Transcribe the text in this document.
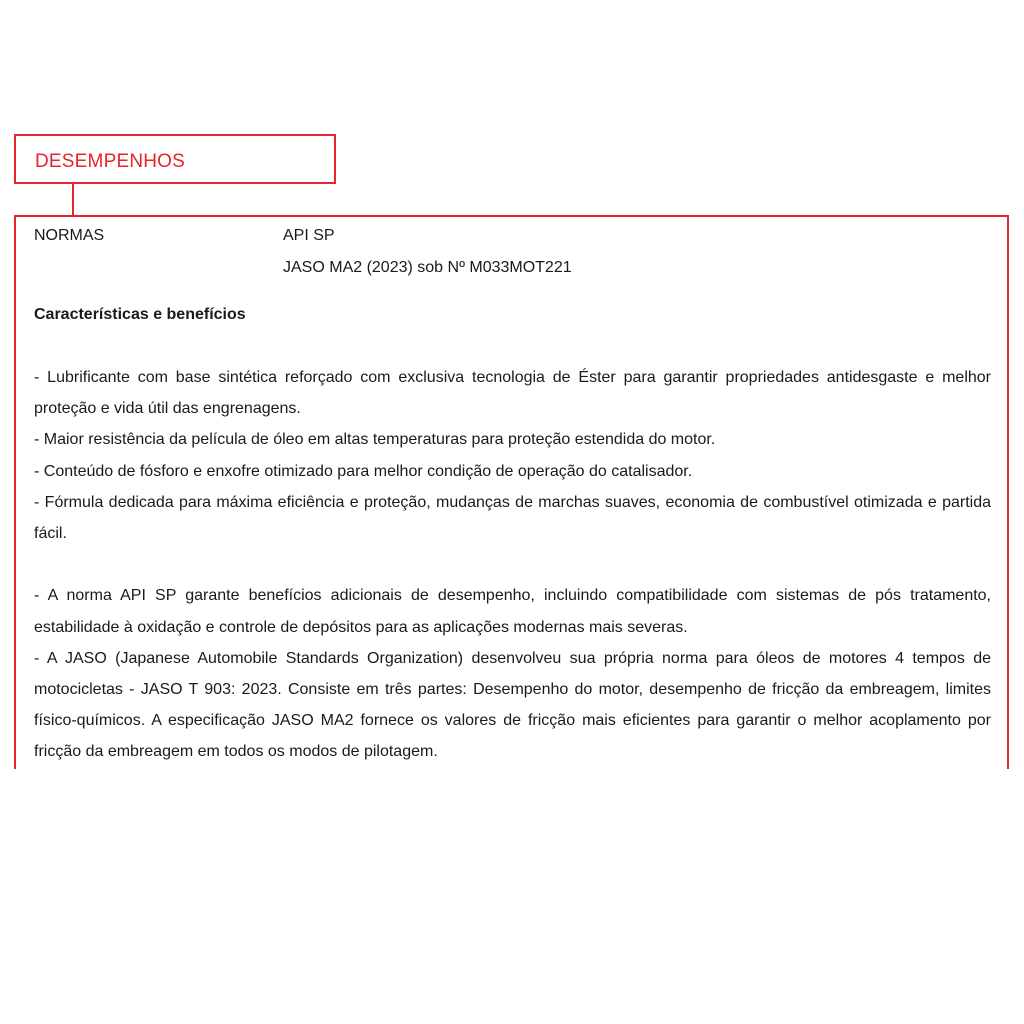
DESEMPENHOS
NORMAS	API SP
JASO MA2 (2023) sob Nº M033MOT221
Características e benefícios

- Lubrificante com base sintética reforçado com exclusiva tecnologia de Éster para garantir propriedades antidesgaste e melhor proteção e vida útil das engrenagens.

- Maior resistência da película de óleo em altas temperaturas para proteção estendida do motor.

- Conteúdo de fósforo e enxofre otimizado para melhor condição de operação do catalisador.

- Fórmula dedicada para máxima eficiência e proteção, mudanças de marchas suaves, economia de combustível otimizada e partida fácil.

- A norma API SP garante benefícios adicionais de desempenho, incluindo compatibilidade com sistemas de pós tratamento, estabilidade à oxidação e controle de depósitos para as aplicações modernas mais severas.

- A JASO (Japanese Automobile Standards Organization) desenvolveu sua própria norma para óleos de motores 4 tempos de motocicletas - JASO T 903: 2023. Consiste em três partes: Desempenho do motor, desempenho de fricção da embreagem, limites físico-químicos. A especificação JASO MA2 fornece os valores de fricção mais eficientes para garantir o melhor acoplamento por fricção da embreagem em todos os modos de pilotagem.
